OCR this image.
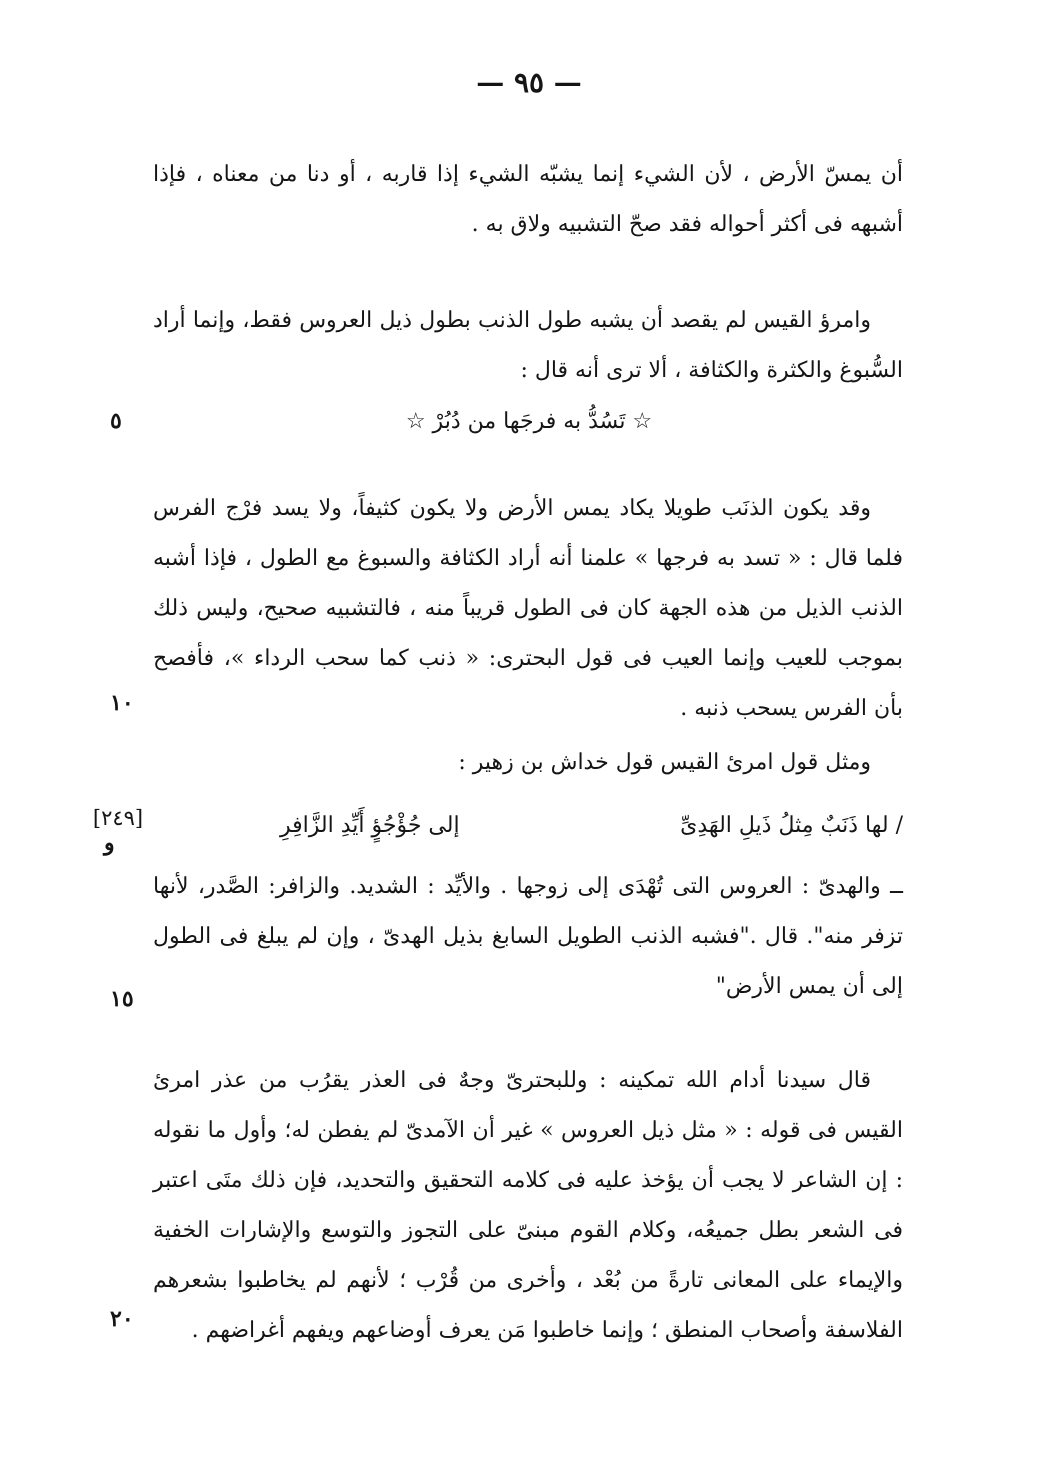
— ٩٥ —

أن يمسّ الأرض ، لأن الشيء إنما يشبّه الشيء إذا قاربه ، أو دنا من معناه ، فإذا أشبهه فى أكثر أحواله فقد صحّ التشبيه ولاق به .

وامرؤ القيس لم يقصد أن يشبه طول الذنب بطول ذيل العروس فقط، وإنما أراد السُّبوغ والكثرة والكثافة ، ألا ترى أنه قال :

☆ تَسُدُّ به فرجَها من دُبُرْ ☆
٥

وقد يكون الذنَب طويلا يكاد يمس الأرض ولا يكون كثيفاً، ولا يسد فرْج الفرس فلما قال : « تسد به فرجها » علمنا أنه أراد الكثافة والسبوغ مع الطول ، فإذا أشبه الذنب الذيل من هذه الجهة كان فى الطول قريباً منه ، فالتشبيه صحيح، وليس ذلك بموجب للعيب وإنما العيب فى قول البحترى: « ذنب كما سحب الرداء »، فأفصح بأن الفرس يسحب ذنبه .

١٠

ومثل قول امرئ القيس قول خداش بن زهير :

/ لها ذَنَبٌ مِثلُ ذَيلِ الهَدِىِّ
إلى جُؤْجُؤٍ أَيِّدِ الزَّافِرِ
[٢٤٩]
و

ــ والهدىّ : العروس التى تُهْدَى إلى زوجها . والأيِّد : الشديد. والزافر: الصَّدر، لأنها تزفر منه". قال ."فشبه الذنب الطويل السابغ بذيل الهدىّ ، وإن لم يبلغ فى الطول إلى أن يمس الأرض"

١٥

قال سيدنا أدام الله تمكينه : وللبحترىّ وجهٌ فى العذر يقرُب من عذر امرئ القيس فى قوله : « مثل ذيل العروس » غير أن الآمدىّ لم يفطن له؛ وأول ما نقوله : إن الشاعر لا يجب أن يؤخذ عليه فى كلامه التحقيق والتحديد، فإن ذلك متَى اعتبر فى الشعر بطل جميعُه، وكلام القوم مبنىّ على التجوز والتوسع والإشارات الخفية والإيماء على المعانى تارةً من بُعْد ، وأخرى من قُرْب ؛ لأنهم لم يخاطبوا بشعرهم الفلاسفة وأصحاب المنطق ؛ وإنما خاطبوا مَن يعرف أوضاعهم ويفهم أغراضهم .

٢٠
